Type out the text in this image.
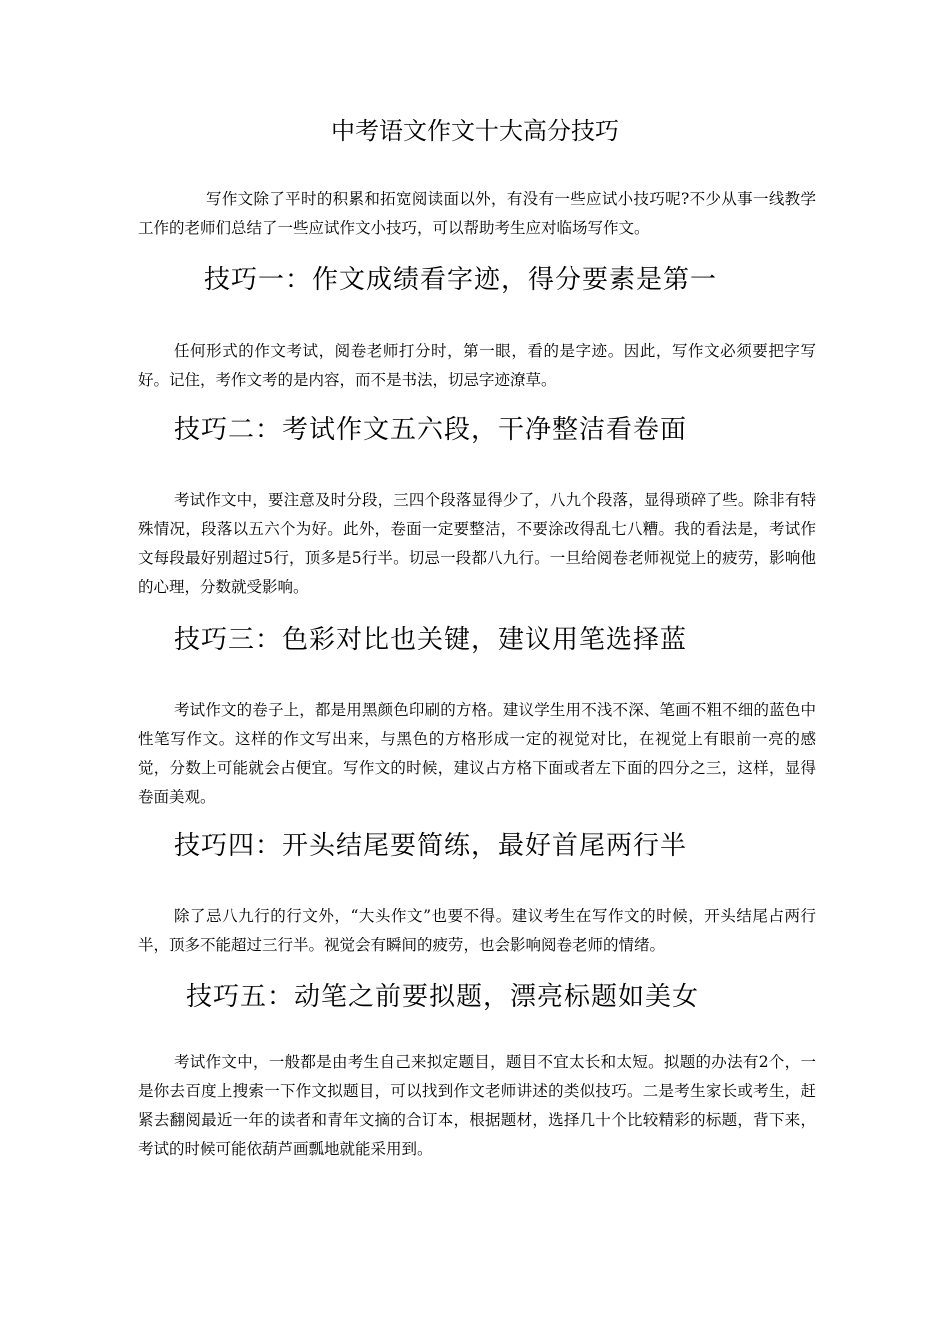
中考语文作文十大高分技巧

写作文除了平时的积累和拓宽阅读面以外，有没有一些应试小技巧呢?不少从事一线教学工作的老师们总结了一些应试作文小技巧，可以帮助考生应对临场写作文。

技巧一：作文成绩看字迹，得分要素是第一

任何形式的作文考试，阅卷老师打分时，第一眼，看的是字迹。因此，写作文必须要把字写好。记住，考作文考的是内容，而不是书法，切忌字迹潦草。

技巧二：考试作文五六段，干净整洁看卷面

考试作文中，要注意及时分段，三四个段落显得少了，八九个段落，显得琐碎了些。除非有特殊情况，段落以五六个为好。此外，卷面一定要整洁，不要涂改得乱七八糟。我的看法是，考试作文每段最好别超过5行，顶多是5行半。切忌一段都八九行。一旦给阅卷老师视觉上的疲劳，影响他的心理，分数就受影响。

技巧三：色彩对比也关键，建议用笔选择蓝

考试作文的卷子上，都是用黑颜色印刷的方格。建议学生用不浅不深、笔画不粗不细的蓝色中性笔写作文。这样的作文写出来，与黑色的方格形成一定的视觉对比，在视觉上有眼前一亮的感觉，分数上可能就会占便宜。写作文的时候，建议占方格下面或者左下面的四分之三，这样，显得卷面美观。

技巧四：开头结尾要简练，最好首尾两行半

除了忌八九行的行文外，“大头作文”也要不得。建议考生在写作文的时候，开头结尾占两行半，顶多不能超过三行半。视觉会有瞬间的疲劳，也会影响阅卷老师的情绪。

技巧五：动笔之前要拟题，漂亮标题如美女

考试作文中，一般都是由考生自己来拟定题目，题目不宜太长和太短。拟题的办法有2个，一是你去百度上搜索一下作文拟题目，可以找到作文老师讲述的类似技巧。二是考生家长或考生，赶紧去翻阅最近一年的读者和青年文摘的合订本，根据题材，选择几十个比较精彩的标题，背下来，考试的时候可能依葫芦画瓢地就能采用到。
